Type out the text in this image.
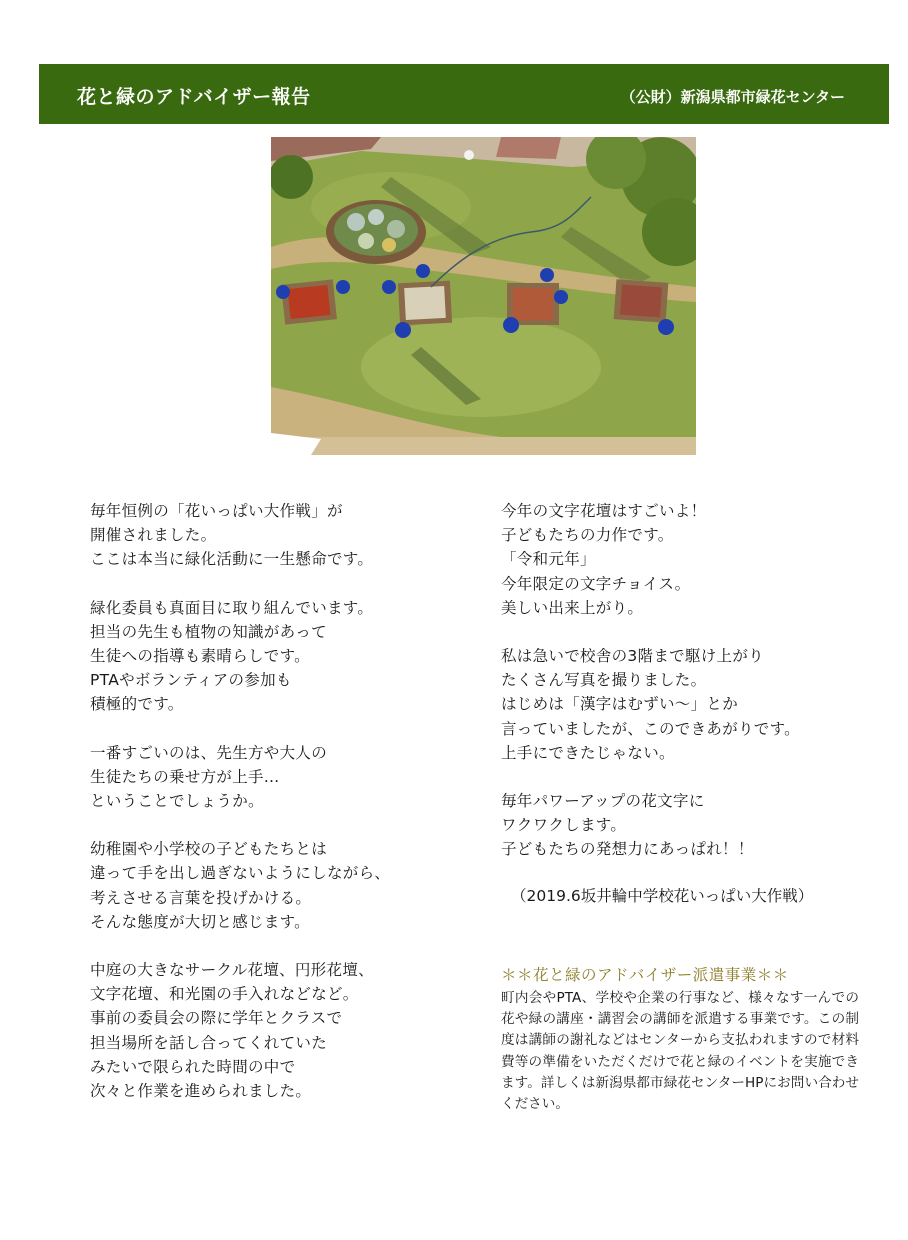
花と緑のアドバイザー報告	（公財）新潟県都市緑花センター
毎年恒例の「花いっぱい大作戦」が
開催されました。
ここは本当に緑化活動に一生懸命です。
緑化委員も真面目に取り組んでいます。
担当の先生も植物の知識があって
生徒への指導も素晴らしです。
PTAやボランティアの参加も
積極的です。
一番すごいのは、先生方や大人の
生徒たちの乗せ方が上手…
ということでしょうか。
幼稚園や小学校の子どもたちとは
違って手を出し過ぎないようにしながら、
考えさせる言葉を投げかける。
そんな態度が大切と感じます。
中庭の大きなサークル花壇、円形花壇、
文字花壇、和光園の手入れなどなど。
事前の委員会の際に学年とクラスで
担当場所を話し合ってくれていた
みたいで限られた時間の中で
次々と作業を進められました。
今年の文字花壇はすごいよ！
子どもたちの力作です。
「令和元年」
今年限定の文字チョイス。
美しい出来上がり。
私は急いで校舎の3階まで駆け上がり
たくさん写真を撮りました。
はじめは「漢字はむずい～」とか
言っていましたが、このできあがりです。
上手にできたじゃない。
毎年パワーアップの花文字に
ワクワクします。
子どもたちの発想力にあっぱれ！！
（2019.6坂井輪中学校花いっぱい大作戦）
＊＊花と緑のアドバイザー派遣事業＊＊
町内会やPTA、学校や企業の行事など、様々なす一んでの花や緑の講座・講習会の講師を派遣する事業です。この制度は講師の謝礼などはセンターから支払われますので材料費等の準備をいただくだけで花と緑のイベントを実施できます。詳しくは新潟県都市緑花センターHPにお問い合わせください。
